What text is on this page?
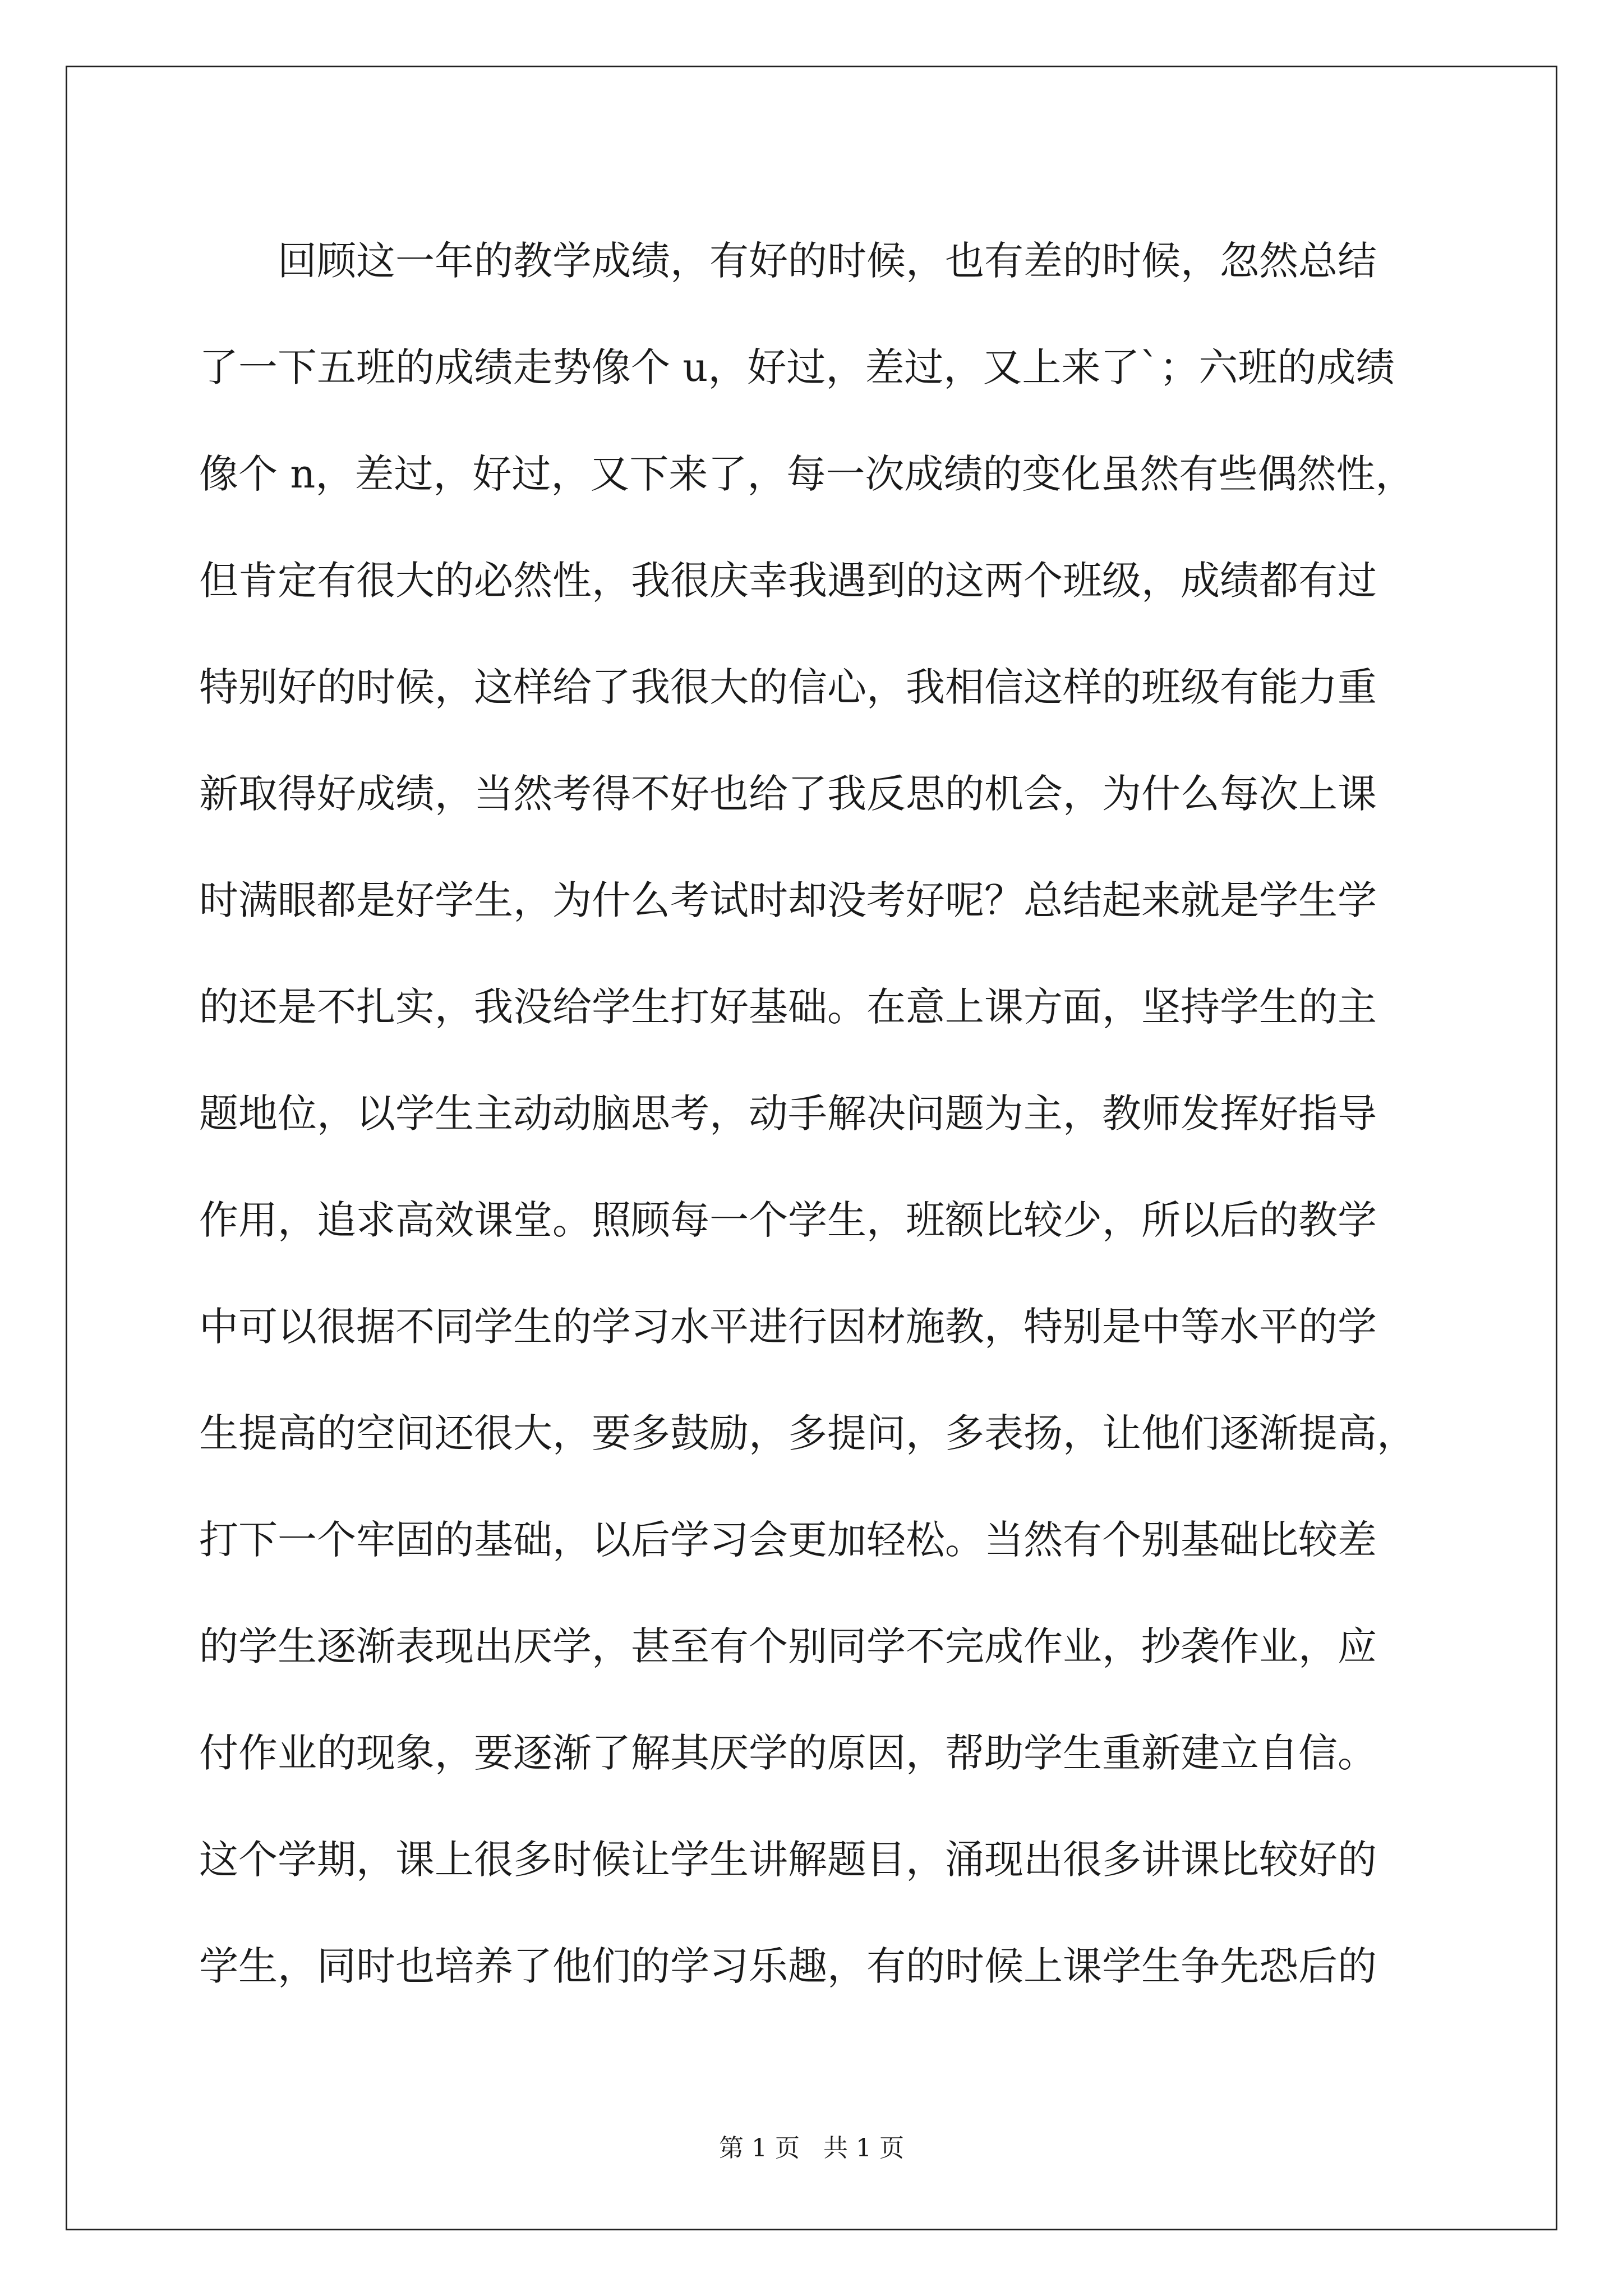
回顾这一年的教学成绩，有好的时候，也有差的时候，忽然总结
了一下五班的成绩走势像个 u，好过，差过，又上来了`；六班的成绩
像个 n，差过，好过，又下来了，每一次成绩的变化虽然有些偶然性，
但肯定有很大的必然性，我很庆幸我遇到的这两个班级，成绩都有过
特别好的时候，这样给了我很大的信心，我相信这样的班级有能力重
新取得好成绩，当然考得不好也给了我反思的机会，为什么每次上课
时满眼都是好学生，为什么考试时却没考好呢？总结起来就是学生学
的还是不扎实，我没给学生打好基础。在意上课方面，坚持学生的主
题地位，以学生主动动脑思考，动手解决问题为主，教师发挥好指导
作用，追求高效课堂。照顾每一个学生，班额比较少，所以后的教学
中可以很据不同学生的学习水平进行因材施教，特别是中等水平的学
生提高的空间还很大，要多鼓励，多提问，多表扬，让他们逐渐提高，
打下一个牢固的基础，以后学习会更加轻松。当然有个别基础比较差
的学生逐渐表现出厌学，甚至有个别同学不完成作业，抄袭作业，应
付作业的现象，要逐渐了解其厌学的原因，帮助学生重新建立自信。
这个学期，课上很多时候让学生讲解题目，涌现出很多讲课比较好的
学生，同时也培养了他们的学习乐趣，有的时候上课学生争先恐后的
第 1 页   共 1 页
